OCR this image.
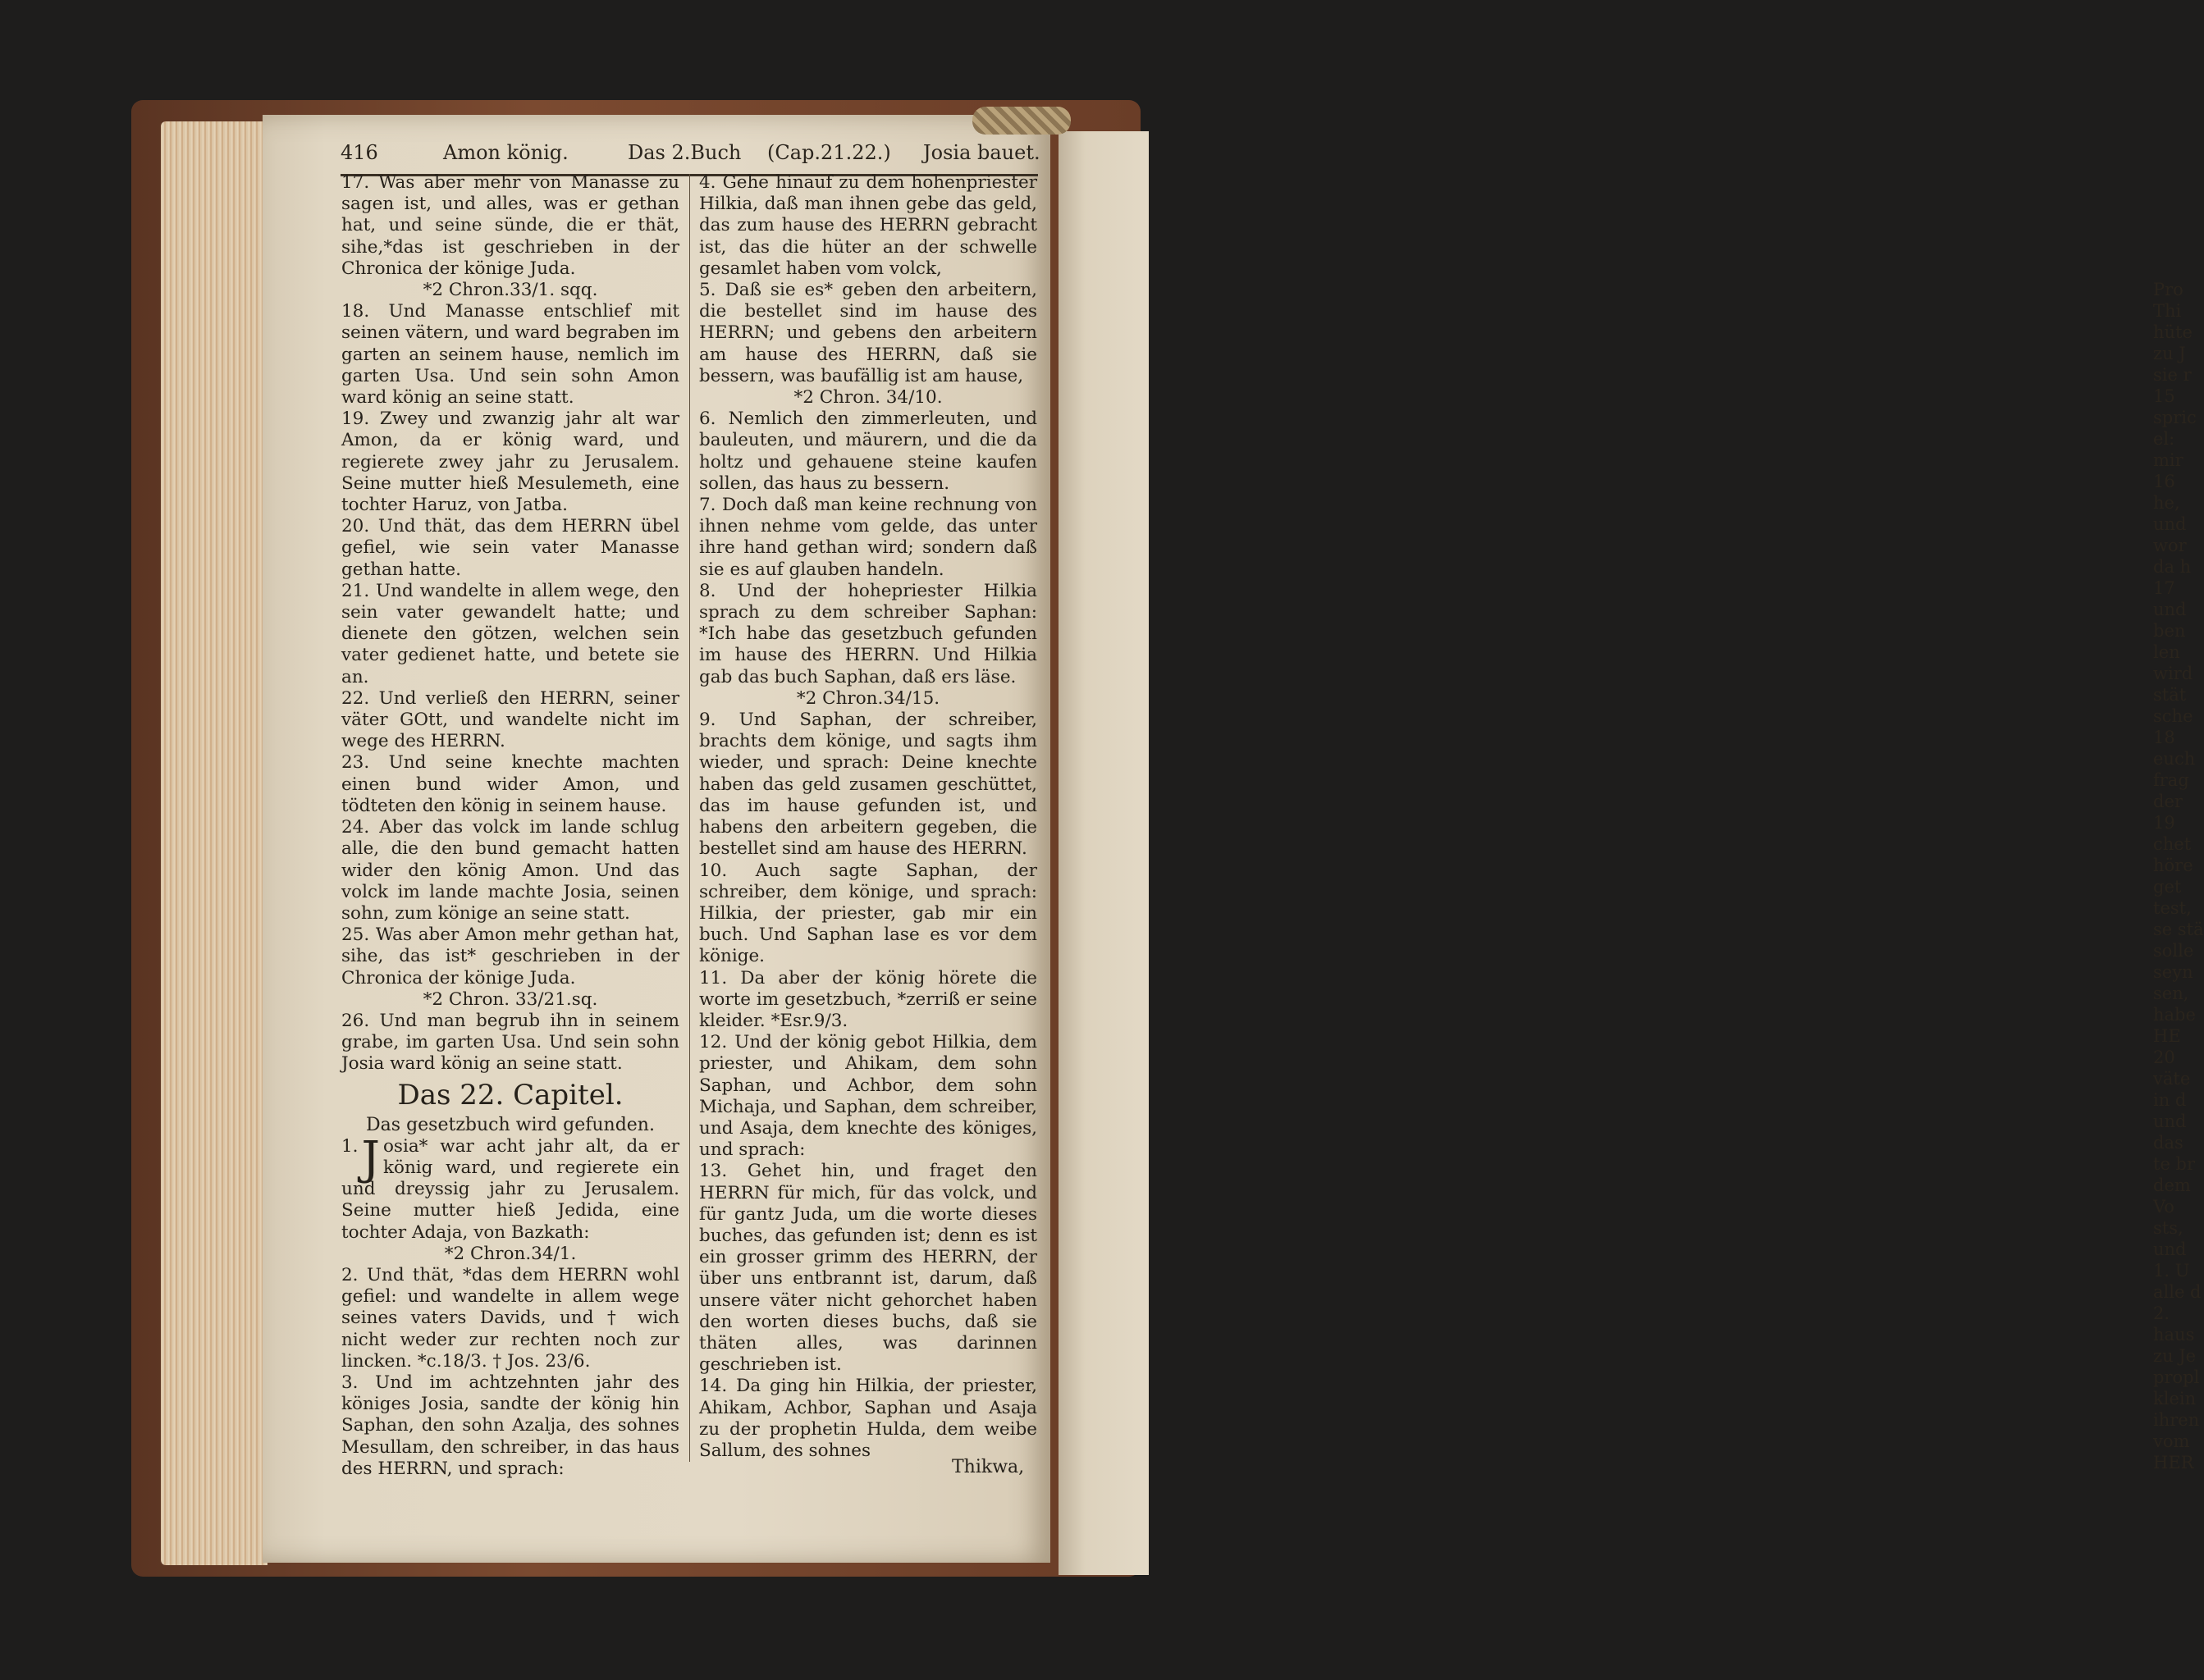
Pro
Thi
hüte
zu J
sie r
15
spric
el:
mir
16
he,
und
wor
da h
17
und
ben
len
wird
stät
sche
18
euch
frag
der
19
chet
höre
get
test,
se stä
solle
seyn
sen,
habe
HE
20
väte
in d
und
das
te br
dem
Vo
sts,
und
1. U
alle d
2.
haus
zu Je
propl
klein
ihren
vom
HER
416	Amon könig.	Das 2.Buch (Cap.21.22.) Josia bauet.

17. Was aber mehr von Manasse zu sagen ist, und alles, was er gethan hat, und seine sünde, die er thät, sihe,*das ist geschrieben in der Chronica der könige Juda.

*2 Chron.33/1. sqq.

18. Und Manasse entschlief mit seinen vätern, und ward begraben im garten an seinem hause, nemlich im garten Usa. Und sein sohn Amon ward könig an seine statt.

19. Zwey und zwanzig jahr alt war Amon, da er könig ward, und regierete zwey jahr zu Jerusalem. Seine mutter hieß Mesulemeth, eine tochter Haruz, von Jatba.

20. Und thät, das dem HERRN übel gefiel, wie sein vater Manasse gethan hatte.

21. Und wandelte in allem wege, den sein vater gewandelt hatte; und dienete den götzen, welchen sein vater gedienet hatte, und betete sie an.

22. Und verließ den HERRN, seiner väter GOtt, und wandelte nicht im wege des HERRN.

23. Und seine knechte machten einen bund wider Amon, und tödteten den könig in seinem hause.

24. Aber das volck im lande schlug alle, die den bund gemacht hatten wider den könig Amon. Und das volck im lande machte Josia, seinen sohn, zum könige an seine statt.

25. Was aber Amon mehr gethan hat, sihe, das ist* geschrieben in der Chronica der könige Juda.

*2 Chron. 33/21.sq.

26. Und man begrub ihn in seinem grabe, im garten Usa. Und sein sohn Josia ward könig an seine statt.

Das 22. Capitel.

Das gesetzbuch wird gefunden.

1. J osia* war acht jahr alt, da er könig ward, und regierete ein und dreyssig jahr zu Jerusalem. Seine mutter hieß Jedida, eine tochter Adaja, von Bazkath:

*2 Chron.34/1.

2. Und thät, *das dem HERRN wohl gefiel: und wandelte in allem wege seines vaters Davids, und † wich nicht weder zur rechten noch zur lincken. *c.18/3. † Jos. 23/6.

3. Und im achtzehnten jahr des königes Josia, sandte der könig hin Saphan, den sohn Azalja, des sohnes Mesullam, den schreiber, in das haus des HERRN, und sprach:

4. Gehe hinauf zu dem hohenpriester Hilkia, daß man ihnen gebe das geld, das zum hause des HERRN gebracht ist, das die hüter an der schwelle gesamlet haben vom volck,

5. Daß sie es* geben den arbeitern, die bestellet sind im hause des HERRN; und gebens den arbeitern am hause des HERRN, daß sie bessern, was baufällig ist am hause,

*2 Chron. 34/10.

6. Nemlich den zimmerleuten, und bauleuten, und mäurern, und die da holtz und gehauene steine kaufen sollen, das haus zu bessern.

7. Doch daß man keine rechnung von ihnen nehme vom gelde, das unter ihre hand gethan wird; sondern daß sie es auf glauben handeln.

8. Und der hohepriester Hilkia sprach zu dem schreiber Saphan: *Ich habe das gesetzbuch gefunden im hause des HERRN. Und Hilkia gab das buch Saphan, daß ers läse.

*2 Chron.34/15.

9. Und Saphan, der schreiber, brachts dem könige, und sagts ihm wieder, und sprach: Deine knechte haben das geld zusamen geschüttet, das im hause gefunden ist, und habens den arbeitern gegeben, die bestellet sind am hause des HERRN.

10. Auch sagte Saphan, der schreiber, dem könige, und sprach: Hilkia, der priester, gab mir ein buch. Und Saphan lase es vor dem könige.

11. Da aber der könig hörete die worte im gesetzbuch, *zerriß er seine kleider. *Esr.9/3.

12. Und der könig gebot Hilkia, dem priester, und Ahikam, dem sohn Saphan, und Achbor, dem sohn Michaja, und Saphan, dem schreiber, und Asaja, dem knechte des königes, und sprach:

13. Gehet hin, und fraget den HERRN für mich, für das volck, und für gantz Juda, um die worte dieses buches, das gefunden ist; denn es ist ein grosser grimm des HERRN, der über uns entbrannt ist, darum, daß unsere väter nicht gehorchet haben den worten dieses buchs, daß sie thäten alles, was darinnen geschrieben ist.

14. Da ging hin Hilkia, der priester, Ahikam, Achbor, Saphan und Asaja zu der prophetin Hulda, dem weibe Sallum, des sohnes

Thikwa,
